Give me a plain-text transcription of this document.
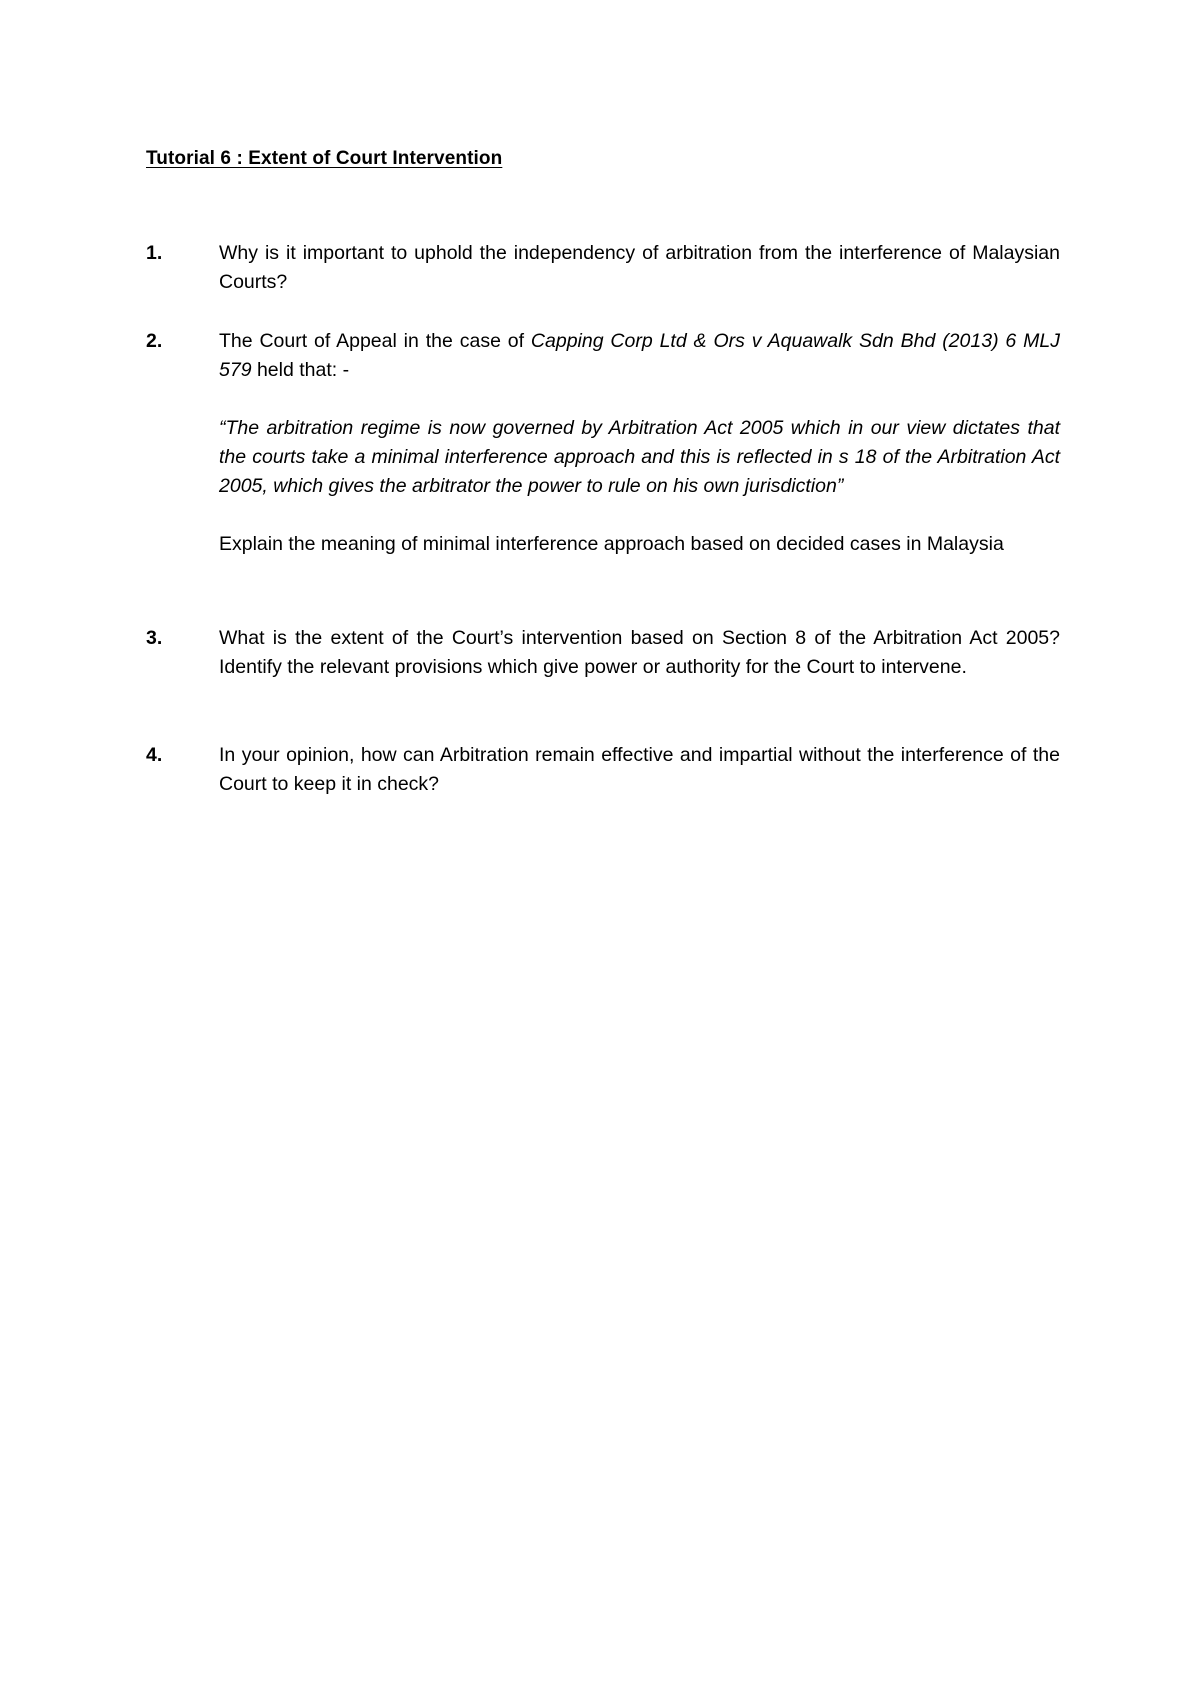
Tutorial 6 : Extent of Court Intervention
1.	Why is it important to uphold the independency of arbitration from the interference of Malaysian Courts?

2.	The Court of Appeal in the case of Capping Corp Ltd & Ors v Aquawalk Sdn Bhd (2013) 6 MLJ 579 held that: -

“The arbitration regime is now governed by Arbitration Act 2005 which in our view dictates that the courts take a minimal interference approach and this is reflected in s 18 of the Arbitration Act 2005, which gives the arbitrator the power to rule on his own jurisdiction”

Explain the meaning of minimal interference approach based on decided cases in Malaysia

3.	What is the extent of the Court’s intervention based on Section 8 of the Arbitration Act 2005? Identify the relevant provisions which give power or authority for the Court to intervene.

4.	In your opinion, how can Arbitration remain effective and impartial without the interference of the Court to keep it in check?
